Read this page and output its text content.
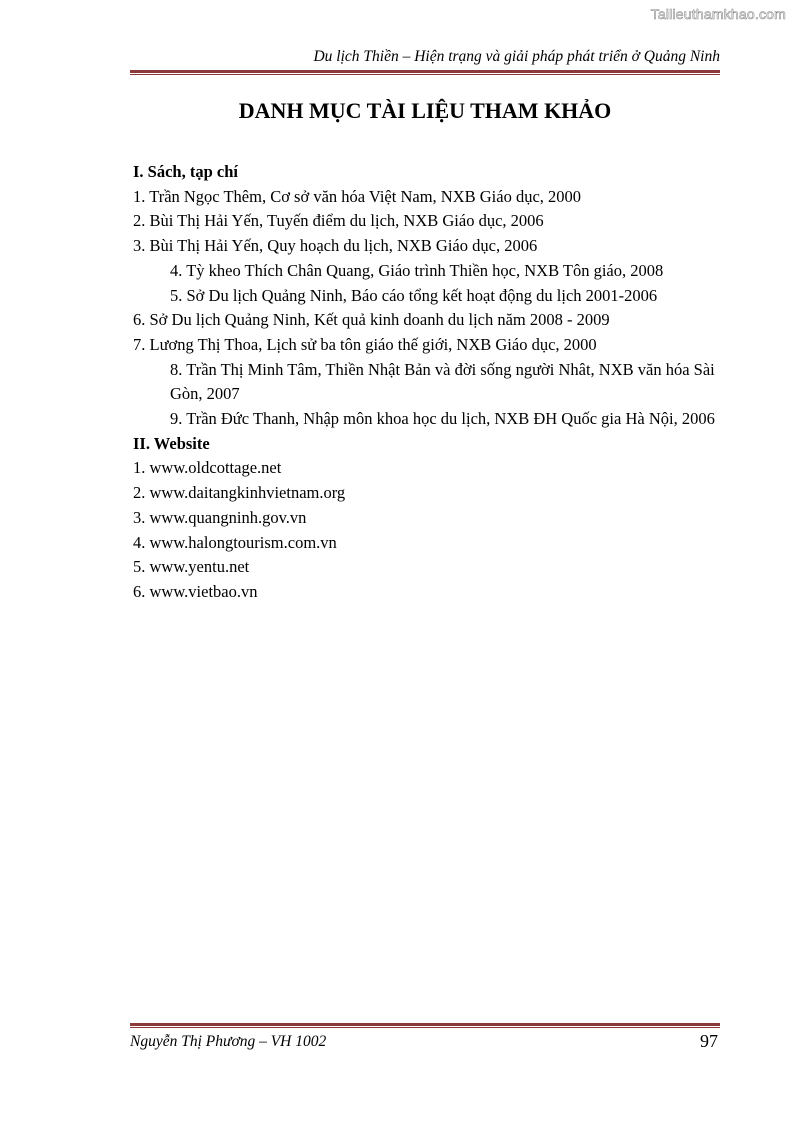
Tailieuthamkhao.com
Du lịch Thiền – Hiện trạng và giải pháp phát triển ở Quảng Ninh
DANH MỤC TÀI LIỆU THAM KHẢO
I. Sách, tạp chí
1. Trần Ngọc Thêm, Cơ sở văn hóa Việt Nam, NXB Giáo dục, 2000
2. Bùi Thị Hải Yến, Tuyến điểm du lịch, NXB Giáo dục, 2006
3. Bùi Thị Hải Yến, Quy hoạch du lịch, NXB Giáo dục, 2006
4. Tỳ kheo Thích Chân Quang, Giáo trình Thiền học, NXB Tôn giáo, 2008
5. Sở Du lịch Quảng Ninh, Báo cáo tổng kết hoạt động du lịch 2001-2006
6. Sở Du lịch Quảng Ninh, Kết quả kinh doanh du lịch năm 2008 - 2009
7. Lương Thị Thoa, Lịch sử ba tôn giáo thế giới, NXB Giáo dục, 2000
8. Trần Thị Minh Tâm, Thiền Nhật Bản và đời sống người Nhât, NXB văn hóa Sài Gòn, 2007
9. Trần Đức Thanh, Nhập môn khoa học du lịch, NXB ĐH Quốc gia Hà Nội, 2006
II. Website
1. www.oldcottage.net
2. www.daitangkinhvietnam.org
3. www.quangninh.gov.vn
4. www.halongtourism.com.vn
5. www.yentu.net
6. www.vietbao.vn
Nguyễn Thị Phương – VH 1002	97
